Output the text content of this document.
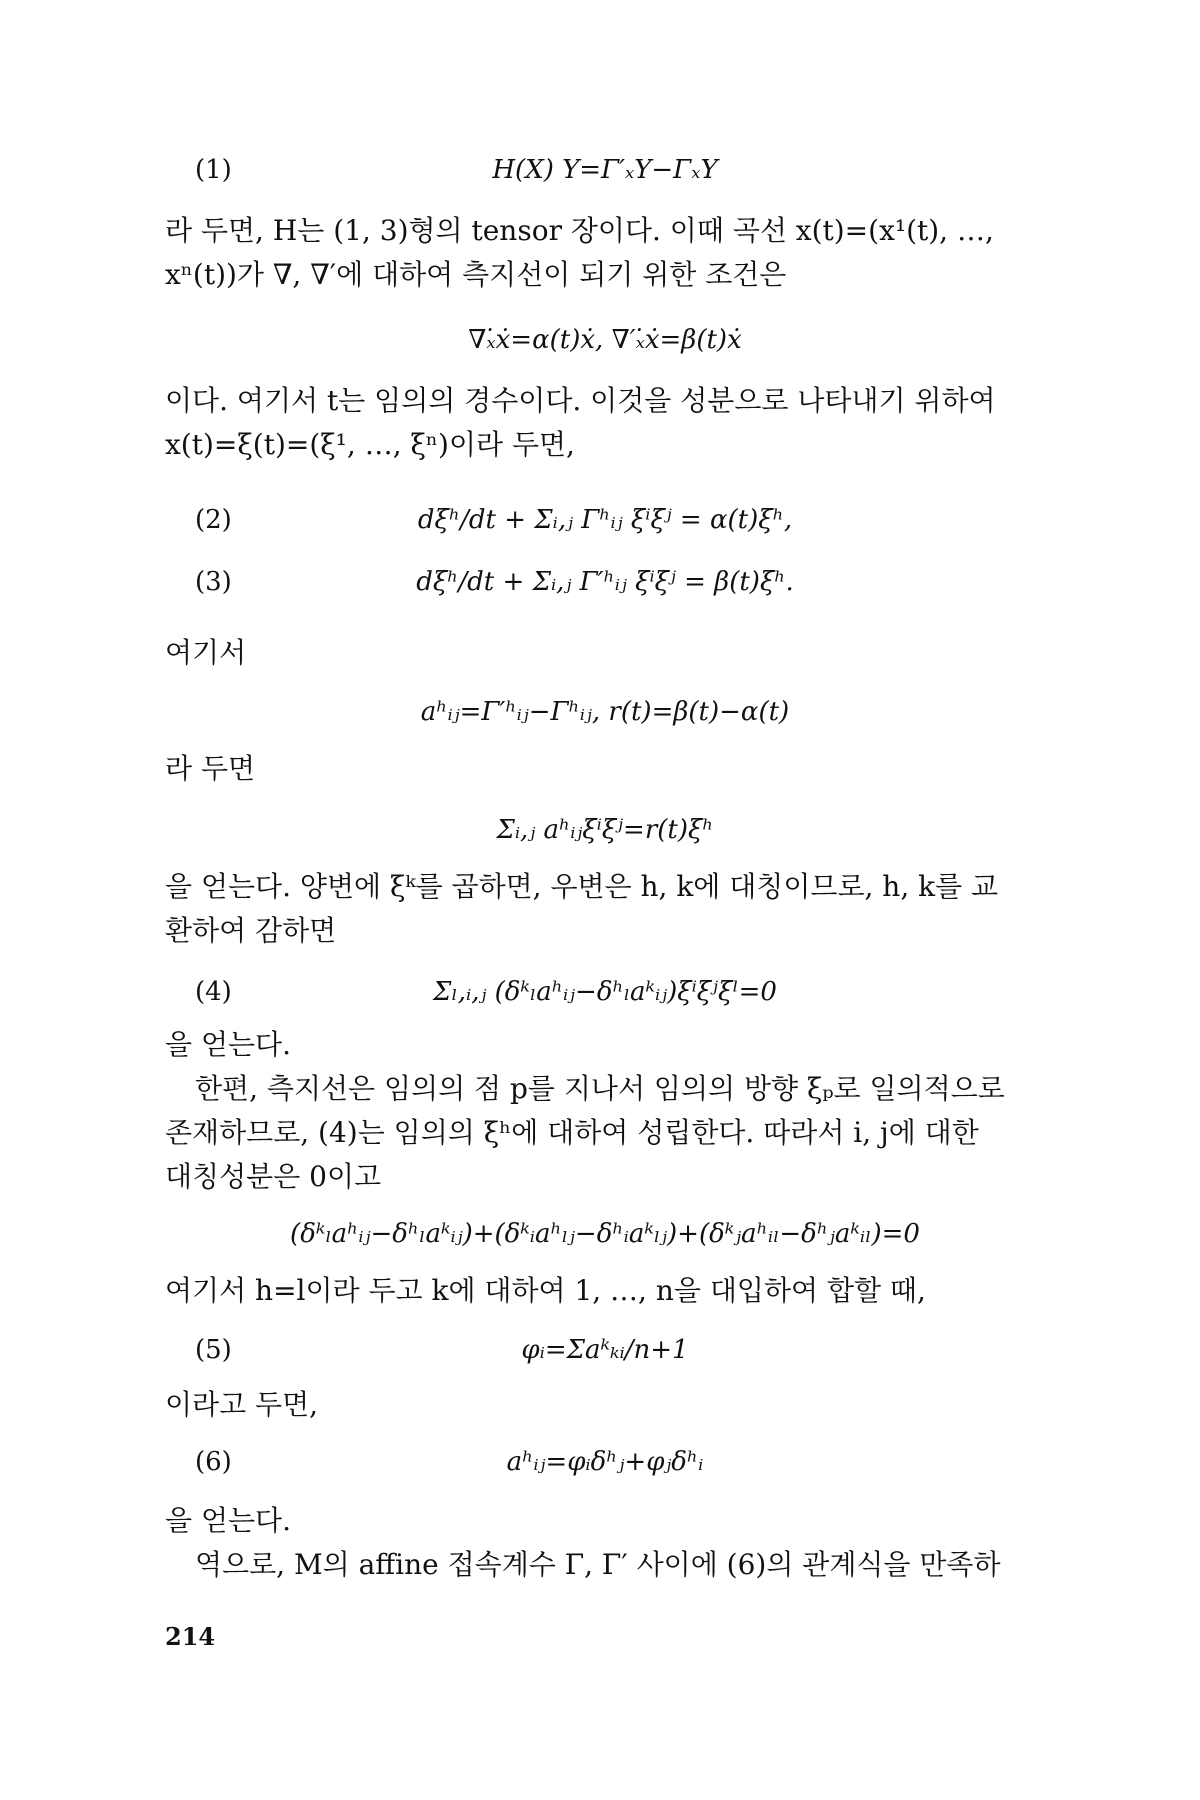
(1)	H(X) Y=Γ′ₓY−ΓₓY
라 두면, H는 (1, 3)형의 tensor 장이다. 이때 곡선 x(t)=(x¹(t), …,
xⁿ(t))가 ∇, ∇′에 대하여 측지선이 되기 위한 조건은
∇ₓ̇ẋ=α(t)ẋ, ∇′ₓ̇ẋ=β(t)ẋ
이다. 여기서 t는 임의의 경수이다. 이것을 성분으로 나타내기 위하여
x(t)=ξ(t)=(ξ¹, …, ξⁿ)이라 두면,
(2)	dξʰ/dt + Σᵢ,ⱼ Γʰᵢⱼ ξⁱξʲ = α(t)ξʰ,
(3)	dξʰ/dt + Σᵢ,ⱼ Γ′ʰᵢⱼ ξⁱξʲ = β(t)ξʰ.
여기서
aʰᵢⱼ=Γ′ʰᵢⱼ−Γʰᵢⱼ, r(t)=β(t)−α(t)
라 두면
Σᵢ,ⱼ aʰᵢⱼξⁱξʲ=r(t)ξʰ
을 얻는다. 양변에 ξᵏ를 곱하면, 우변은 h, k에 대칭이므로, h, k를 교
환하여 감하면
(4)	Σₗ,ᵢ,ⱼ (δᵏₗaʰᵢⱼ−δʰₗaᵏᵢⱼ)ξⁱξʲξˡ=0
을 얻는다.
한편, 측지선은 임의의 점 p를 지나서 임의의 방향 ξₚ로 일의적으로
존재하므로, (4)는 임의의 ξʰ에 대하여 성립한다. 따라서 i, j에 대한
대칭성분은 0이고
(δᵏₗaʰᵢⱼ−δʰₗaᵏᵢⱼ)+(δᵏᵢaʰₗⱼ−δʰᵢaᵏₗⱼ)+(δᵏⱼaʰᵢₗ−δʰⱼaᵏᵢₗ)=0
여기서 h=l이라 두고 k에 대하여 1, …, n을 대입하여 합할 때,
(5)	φᵢ=Σaᵏₖᵢ/n+1
이라고 두면,
(6)	aʰᵢⱼ=φᵢδʰⱼ+φⱼδʰᵢ
을 얻는다.
역으로, M의 affine 접속계수 Γ, Γ′ 사이에 (6)의 관계식을 만족하
214
